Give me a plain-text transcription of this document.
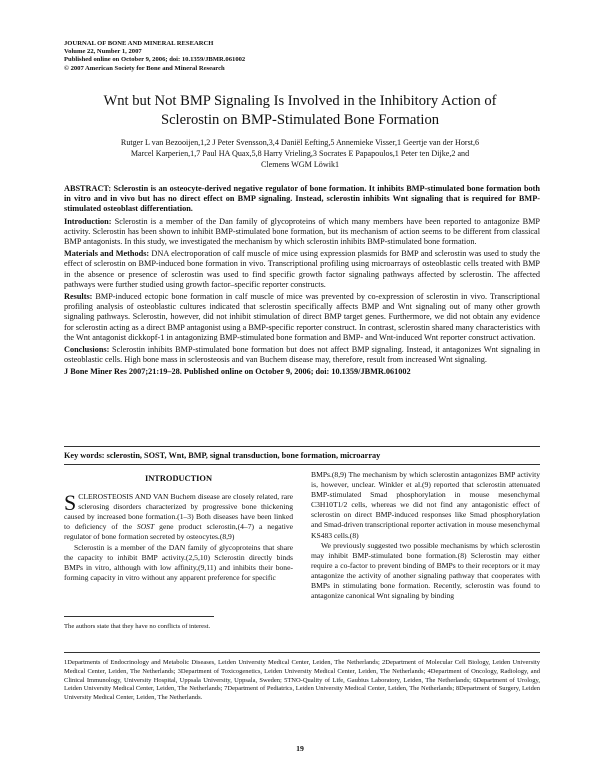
JOURNAL OF BONE AND MINERAL RESEARCH
Volume 22, Number 1, 2007
Published online on October 9, 2006; doi: 10.1359/JBMR.061002
© 2007 American Society for Bone and Mineral Research
Wnt but Not BMP Signaling Is Involved in the Inhibitory Action of
Sclerostin on BMP-Stimulated Bone Formation
Rutger L van Bezooijen,1,2 J Peter Svensson,3,4 Daniël Eefting,5 Annemieke Visser,1 Geertje van der Horst,6
Marcel Karperien,1,7 Paul HA Quax,5,8 Harry Vrieling,3 Socrates E Papapoulos,1 Peter ten Dijke,2 and
Clemens WGM Löwik1

ABSTRACT: Sclerostin is an osteocyte-derived negative regulator of bone formation. It inhibits BMP-stimulated bone formation both in vitro and in vivo but has no direct effect on BMP signaling. Instead, sclerostin inhibits Wnt signaling that is required for BMP-stimulated osteoblast differentiation.

Introduction: Sclerostin is a member of the Dan family of glycoproteins of which many members have been reported to antagonize BMP activity. Sclerostin has been shown to inhibit BMP-stimulated bone formation, but its mechanism of action seems to be different from classical BMP antagonists. In this study, we investigated the mechanism by which sclerostin inhibits BMP-stimulated bone formation.

Materials and Methods: DNA electroporation of calf muscle of mice using expression plasmids for BMP and sclerostin was used to study the effect of sclerostin on BMP-induced bone formation in vivo. Transcriptional profiling using microarrays of osteoblastic cells treated with BMP in the absence or presence of sclerostin was used to find specific growth factor signaling pathways affected by sclerostin. The affected pathways were further studied using growth factor–specific reporter constructs.

Results: BMP-induced ectopic bone formation in calf muscle of mice was prevented by co-expression of sclerostin in vivo. Transcriptional profiling analysis of osteoblastic cultures indicated that sclerostin specifically affects BMP and Wnt signaling out of many other growth signaling pathways. Sclerostin, however, did not inhibit stimulation of direct BMP target genes. Furthermore, we did not obtain any evidence for sclerostin acting as a direct BMP antagonist using a BMP-specific reporter construct. In contrast, sclerostin shared many characteristics with the Wnt antagonist dickkopf-1 in antagonizing BMP-stimulated bone formation and BMP- and Wnt-induced Wnt reporter construct activation.

Conclusions: Sclerostin inhibits BMP-stimulated bone formation but does not affect BMP signaling. Instead, it antagonizes Wnt signaling in osteoblastic cells. High bone mass in sclerosteosis and van Buchem disease may, therefore, result from increased Wnt signaling.

J Bone Miner Res 2007;21:19–28. Published online on October 9, 2006; doi: 10.1359/JBMR.061002

Key words: sclerostin, SOST, Wnt, BMP, signal transduction, bone formation, microarray

INTRODUCTION

SCLEROSTEOSIS AND VAN Buchem disease are closely related, rare sclerosing disorders characterized by progressive bone thickening caused by increased bone formation.(1–3) Both diseases have been linked to deficiency of the SOST gene product sclerostin,(4–7) a negative regulator of bone formation secreted by osteocytes.(8,9)

Sclerostin is a member of the DAN family of glycoproteins that share the capacity to inhibit BMP activity.(2,5,10) Sclerostin directly binds BMPs in vitro, although with low affinity,(9,11) and inhibits their bone-forming capacity in vitro without any apparent preference for specific

BMPs.(8,9) The mechanism by which sclerostin antagonizes BMP activity is, however, unclear. Winkler et al.(9) reported that sclerostin attenuated BMP-stimulated Smad phosphorylation in mouse mesenchymal C3H10T1/2 cells, whereas we did not find any antagonistic effect of sclerostin on direct BMP-induced responses like Smad phosphorylation and Smad-driven transcriptional reporter activation in mouse mesenchymal KS483 cells.(8)

We previously suggested two possible mechanisms by which sclerostin may inhibit BMP-stimulated bone formation.(8) Sclerostin may either require a co-factor to prevent binding of BMPs to their receptors or it may antagonize the activity of another signaling pathway that cooperates with BMPs in stimulating bone formation. Recently, sclerostin was found to antagonize canonical Wnt signaling by binding

The authors state that they have no conflicts of interest.
1Departments of Endocrinology and Metabolic Diseases, Leiden University Medical Center, Leiden, The Netherlands; 2Department of Molecular Cell Biology, Leiden University Medical Center, Leiden, The Netherlands; 3Department of Toxicogenetics, Leiden University Medical Center, Leiden, The Netherlands; 4Department of Oncology, Radiology, and Clinical Immunology, University Hospital, Uppsala University, Uppsala, Sweden; 5TNO-Quality of Life, Gaubius Laboratory, Leiden, The Netherlands; 6Department of Urology, Leiden University Medical Center, Leiden, The Netherlands; 7Department of Pediatrics, Leiden University Medical Center, Leiden, The Netherlands; 8Department of Surgery, Leiden University Medical Center, Leiden, The Netherlands.
19
